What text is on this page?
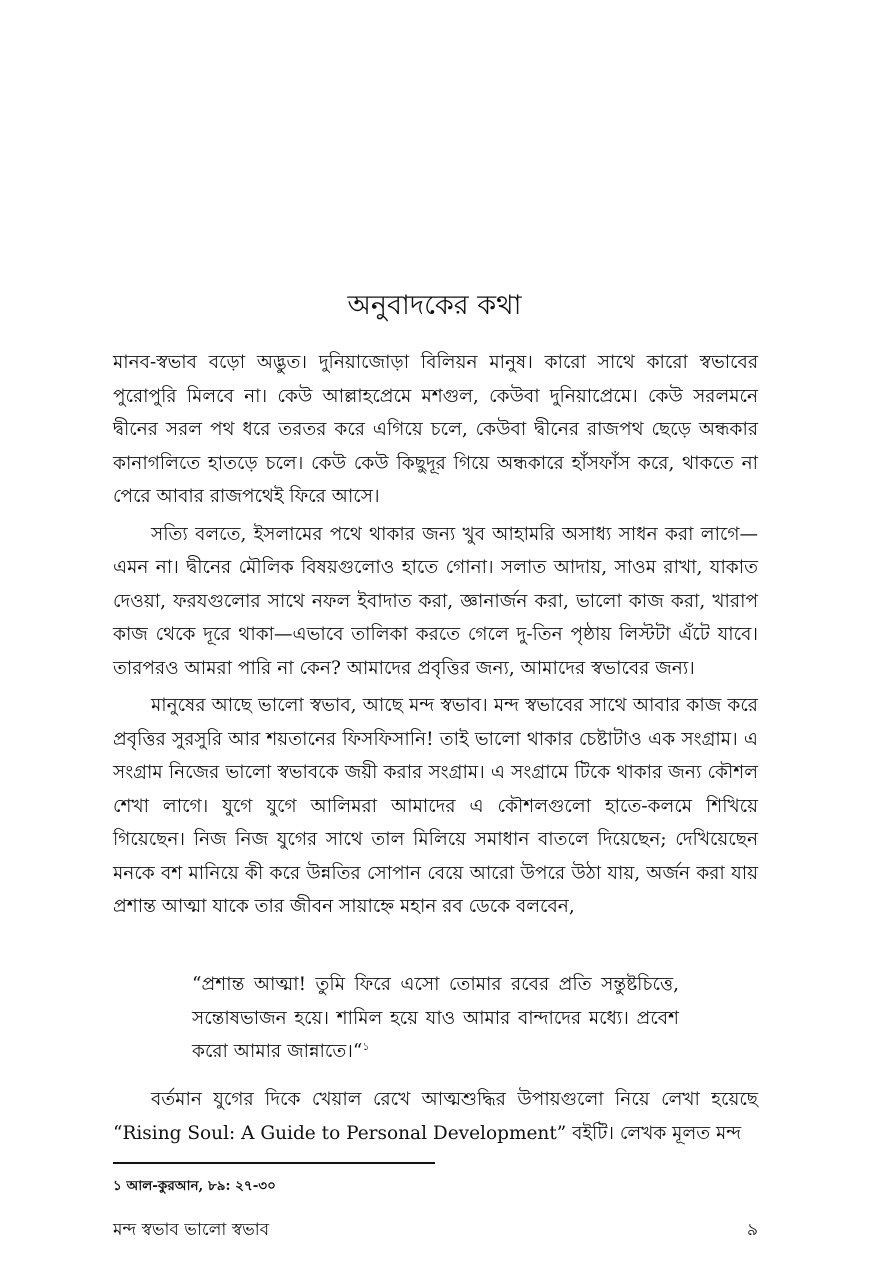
অনুবাদকের কথা

মানব-স্বভাব বড়ো অদ্ভুত। দুনিয়াজোড়া বিলিয়ন মানুষ। কারো সাথে কারো স্বভাবের পুরোপুরি মিলবে না। কেউ আল্লাহপ্রেমে মশগুল, কেউবা দুনিয়াপ্রেমে। কেউ সরলমনে দ্বীনের সরল পথ ধরে তরতর করে এগিয়ে চলে, কেউবা দ্বীনের রাজপথ ছেড়ে অন্ধকার কানাগলিতে হাতড়ে চলে। কেউ কেউ কিছুদূর গিয়ে অন্ধকারে হাঁসফাঁস করে, থাকতে না পেরে আবার রাজপথেই ফিরে আসে।

সত্যি বলতে, ইসলামের পথে থাকার জন্য খুব আহামরি অসাধ্য সাধন করা লাগে—এমন না। দ্বীনের মৌলিক বিষয়গুলোও হাতে গোনা। সলাত আদায়, সাওম রাখা, যাকাত দেওয়া, ফরযগুলোর সাথে নফল ইবাদাত করা, জ্ঞানার্জন করা, ভালো কাজ করা, খারাপ কাজ থেকে দূরে থাকা—এভাবে তালিকা করতে গেলে দু-তিন পৃষ্ঠায় লিস্টটা এঁটে যাবে। তারপরও আমরা পারি না কেন? আমাদের প্রবৃত্তির জন্য, আমাদের স্বভাবের জন্য।

মানুষের আছে ভালো স্বভাব, আছে মন্দ স্বভাব। মন্দ স্বভাবের সাথে আবার কাজ করে প্রবৃত্তির সুরসুরি আর শয়তানের ফিসফিসানি! তাই ভালো থাকার চেষ্টাটাও এক সংগ্রাম। এ সংগ্রাম নিজের ভালো স্বভাবকে জয়ী করার সংগ্রাম। এ সংগ্রামে টিকে থাকার জন্য কৌশল শেখা লাগে। যুগে যুগে আলিমরা আমাদের এ কৌশলগুলো হাতে-কলমে শিখিয়ে গিয়েছেন। নিজ নিজ যুগের সাথে তাল মিলিয়ে সমাধান বাতলে দিয়েছেন; দেখিয়েছেন মনকে বশ মানিয়ে কী করে উন্নতির সোপান বেয়ে আরো উপরে উঠা যায়, অর্জন করা যায় প্রশান্ত আত্মা যাকে তার জীবন সায়াহ্নে মহান রব ডেকে বলবেন,

“প্রশান্ত আত্মা! তুমি ফিরে এসো তোমার রবের প্রতি সন্তুষ্টচিত্তে, সন্তোষভাজন হয়ে। শামিল হয়ে যাও আমার বান্দাদের মধ্যে। প্রবেশ করো আমার জান্নাতে।“$^১$

বর্তমান যুগের দিকে খেয়াল রেখে আত্মশুদ্ধির উপায়গুলো নিয়ে লেখা হয়েছে “Rising Soul: A Guide to Personal Development” বইটি। লেখক মূলত মন্দ

১ আল-কুরআন, ৮৯: ২৭-৩০
মন্দ স্বভাব ভালো স্বভাব	৯
